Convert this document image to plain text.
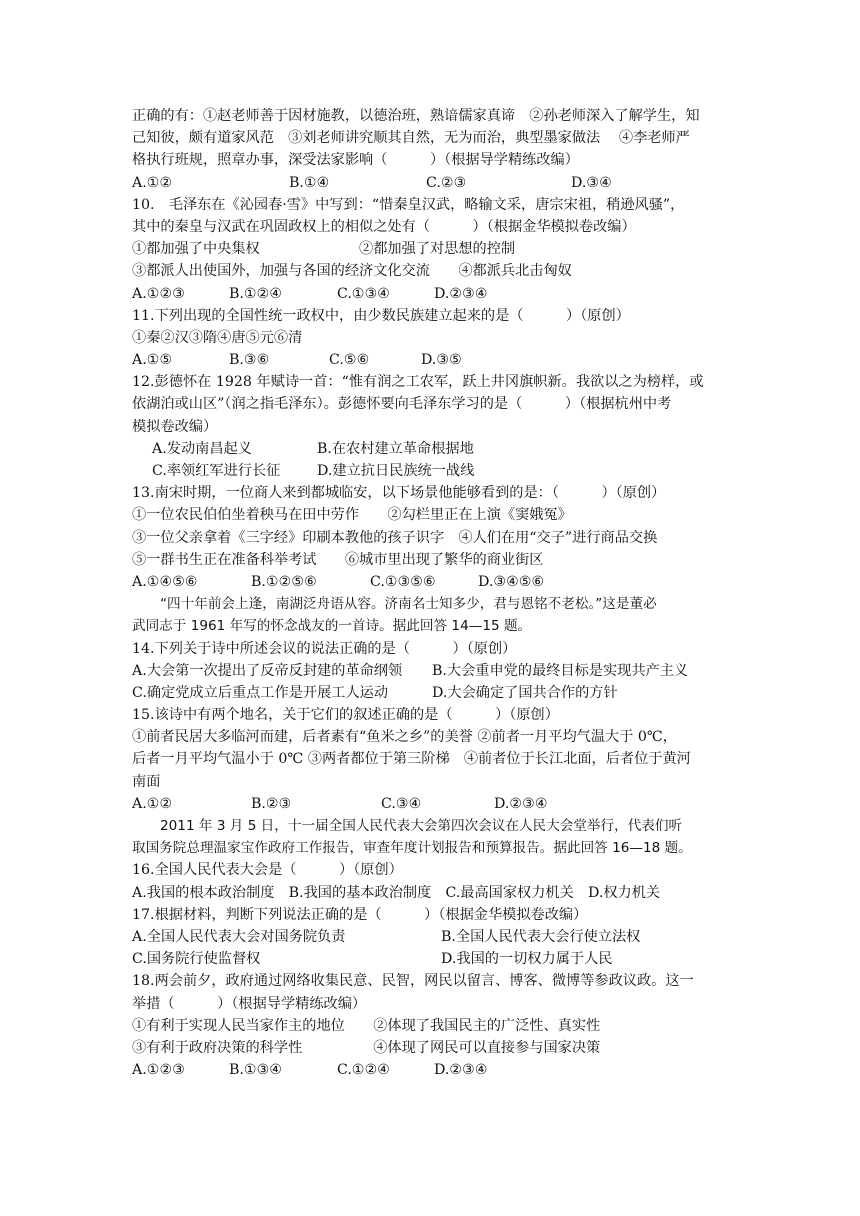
正确的有：①赵老师善于因材施教，以德治班，熟谙儒家真谛　②孙老师深入了解学生，知
己知彼，颇有道家风范　③刘老师讲究顺其自然，无为而治，典型墨家做法　 ④李老师严
格执行班规，照章办事，深受法家影响（　　　）（根据导学精练改编）
A.①②	B.①④	C.②③	D.③④
10.　毛泽东在《沁园春·雪》中写到：“惜秦皇汉武，略输文采，唐宗宋祖，稍逊风骚”，
其中的秦皇与汉武在巩固政权上的相似之处有（　　　）（根据金华模拟卷改编）
①都加强了中央集权　　　　　　　②都加强了对思想的控制
③都派人出使国外，加强与各国的经济文化交流　　④都派兵北击匈奴
A.①②③	B.①②④	C.①③④	D.②③④
11.下列出现的全国性统一政权中，由少数民族建立起来的是（　　　）（原创）
①秦②汉③隋④唐⑤元⑥清
A.①⑤	B.③⑥	C.⑤⑥	D.③⑤
12.彭德怀在 1928 年赋诗一首：“惟有润之工农军，跃上井冈旗帜新。我欲以之为榜样，或
依湖泊或山区”（润之指毛泽东）。彭德怀要向毛泽东学习的是（　　　）（根据杭州中考
模拟卷改编）
A.发动南昌起义	B.在农村建立革命根据地
C.率领红军进行长征	D.建立抗日民族统一战线
13.南宋时期，一位商人来到都城临安，以下场景他能够看到的是：（　　　）（原创）
①一位农民伯伯坐着秧马在田中劳作　　②勾栏里正在上演《窦娥冤》
③一位父亲拿着《三字经》印刷本教他的孩子识字　④人们在用“交子”进行商品交换
⑤一群书生正在准备科举考试　　⑥城市里出现了繁华的商业街区
A.①④⑤⑥	B.①②⑤⑥	C.①③⑤⑥	D.③④⑤⑥
“四十年前会上逢，南湖泛舟语从容。济南名士知多少，君与恩铭不老松。”这是董必
武同志于 1961 年写的怀念战友的一首诗。据此回答 14—15 题。
14.下列关于诗中所述会议的说法正确的是（　　　）（原创）
A.大会第一次提出了反帝反封建的革命纲领	B.大会重申党的最终目标是实现共产主义
C.确定党成立后重点工作是开展工人运动	D.大会确定了国共合作的方针
15.该诗中有两个地名，关于它们的叙述正确的是（　　　）（原创）
①前者民居大多临河而建，后者素有“鱼米之乡”的美誉 ②前者一月平均气温大于 0℃，
后者一月平均气温小于 0℃ ③两者都位于第三阶梯　④前者位于长江北面，后者位于黄河
南面
A.①②	B.②③	C.③④	D.②③④
2011 年 3 月 5 日，十一届全国人民代表大会第四次会议在人民大会堂举行，代表们听
取国务院总理温家宝作政府工作报告，审查年度计划报告和预算报告。据此回答 16—18 题。
16.全国人民代表大会是（　　　）（原创）
A.我国的根本政治制度　B.我国的基本政治制度　C.最高国家权力机关　D.权力机关
17.根据材料，判断下列说法正确的是（　　　）（根据金华模拟卷改编）
A.全国人民代表大会对国务院负责	B.全国人民代表大会行使立法权
C.国务院行使监督权	D.我国的一切权力属于人民
18.两会前夕，政府通过网络收集民意、民智，网民以留言、博客、微博等参政议政。这一
举措（　　　）（根据导学精练改编）
①有利于实现人民当家作主的地位　　②体现了我国民主的广泛性、真实性
③有利于政府决策的科学性　　　　　④体现了网民可以直接参与国家决策
A.①②③	B.①③④	C.①②④	D.②③④
